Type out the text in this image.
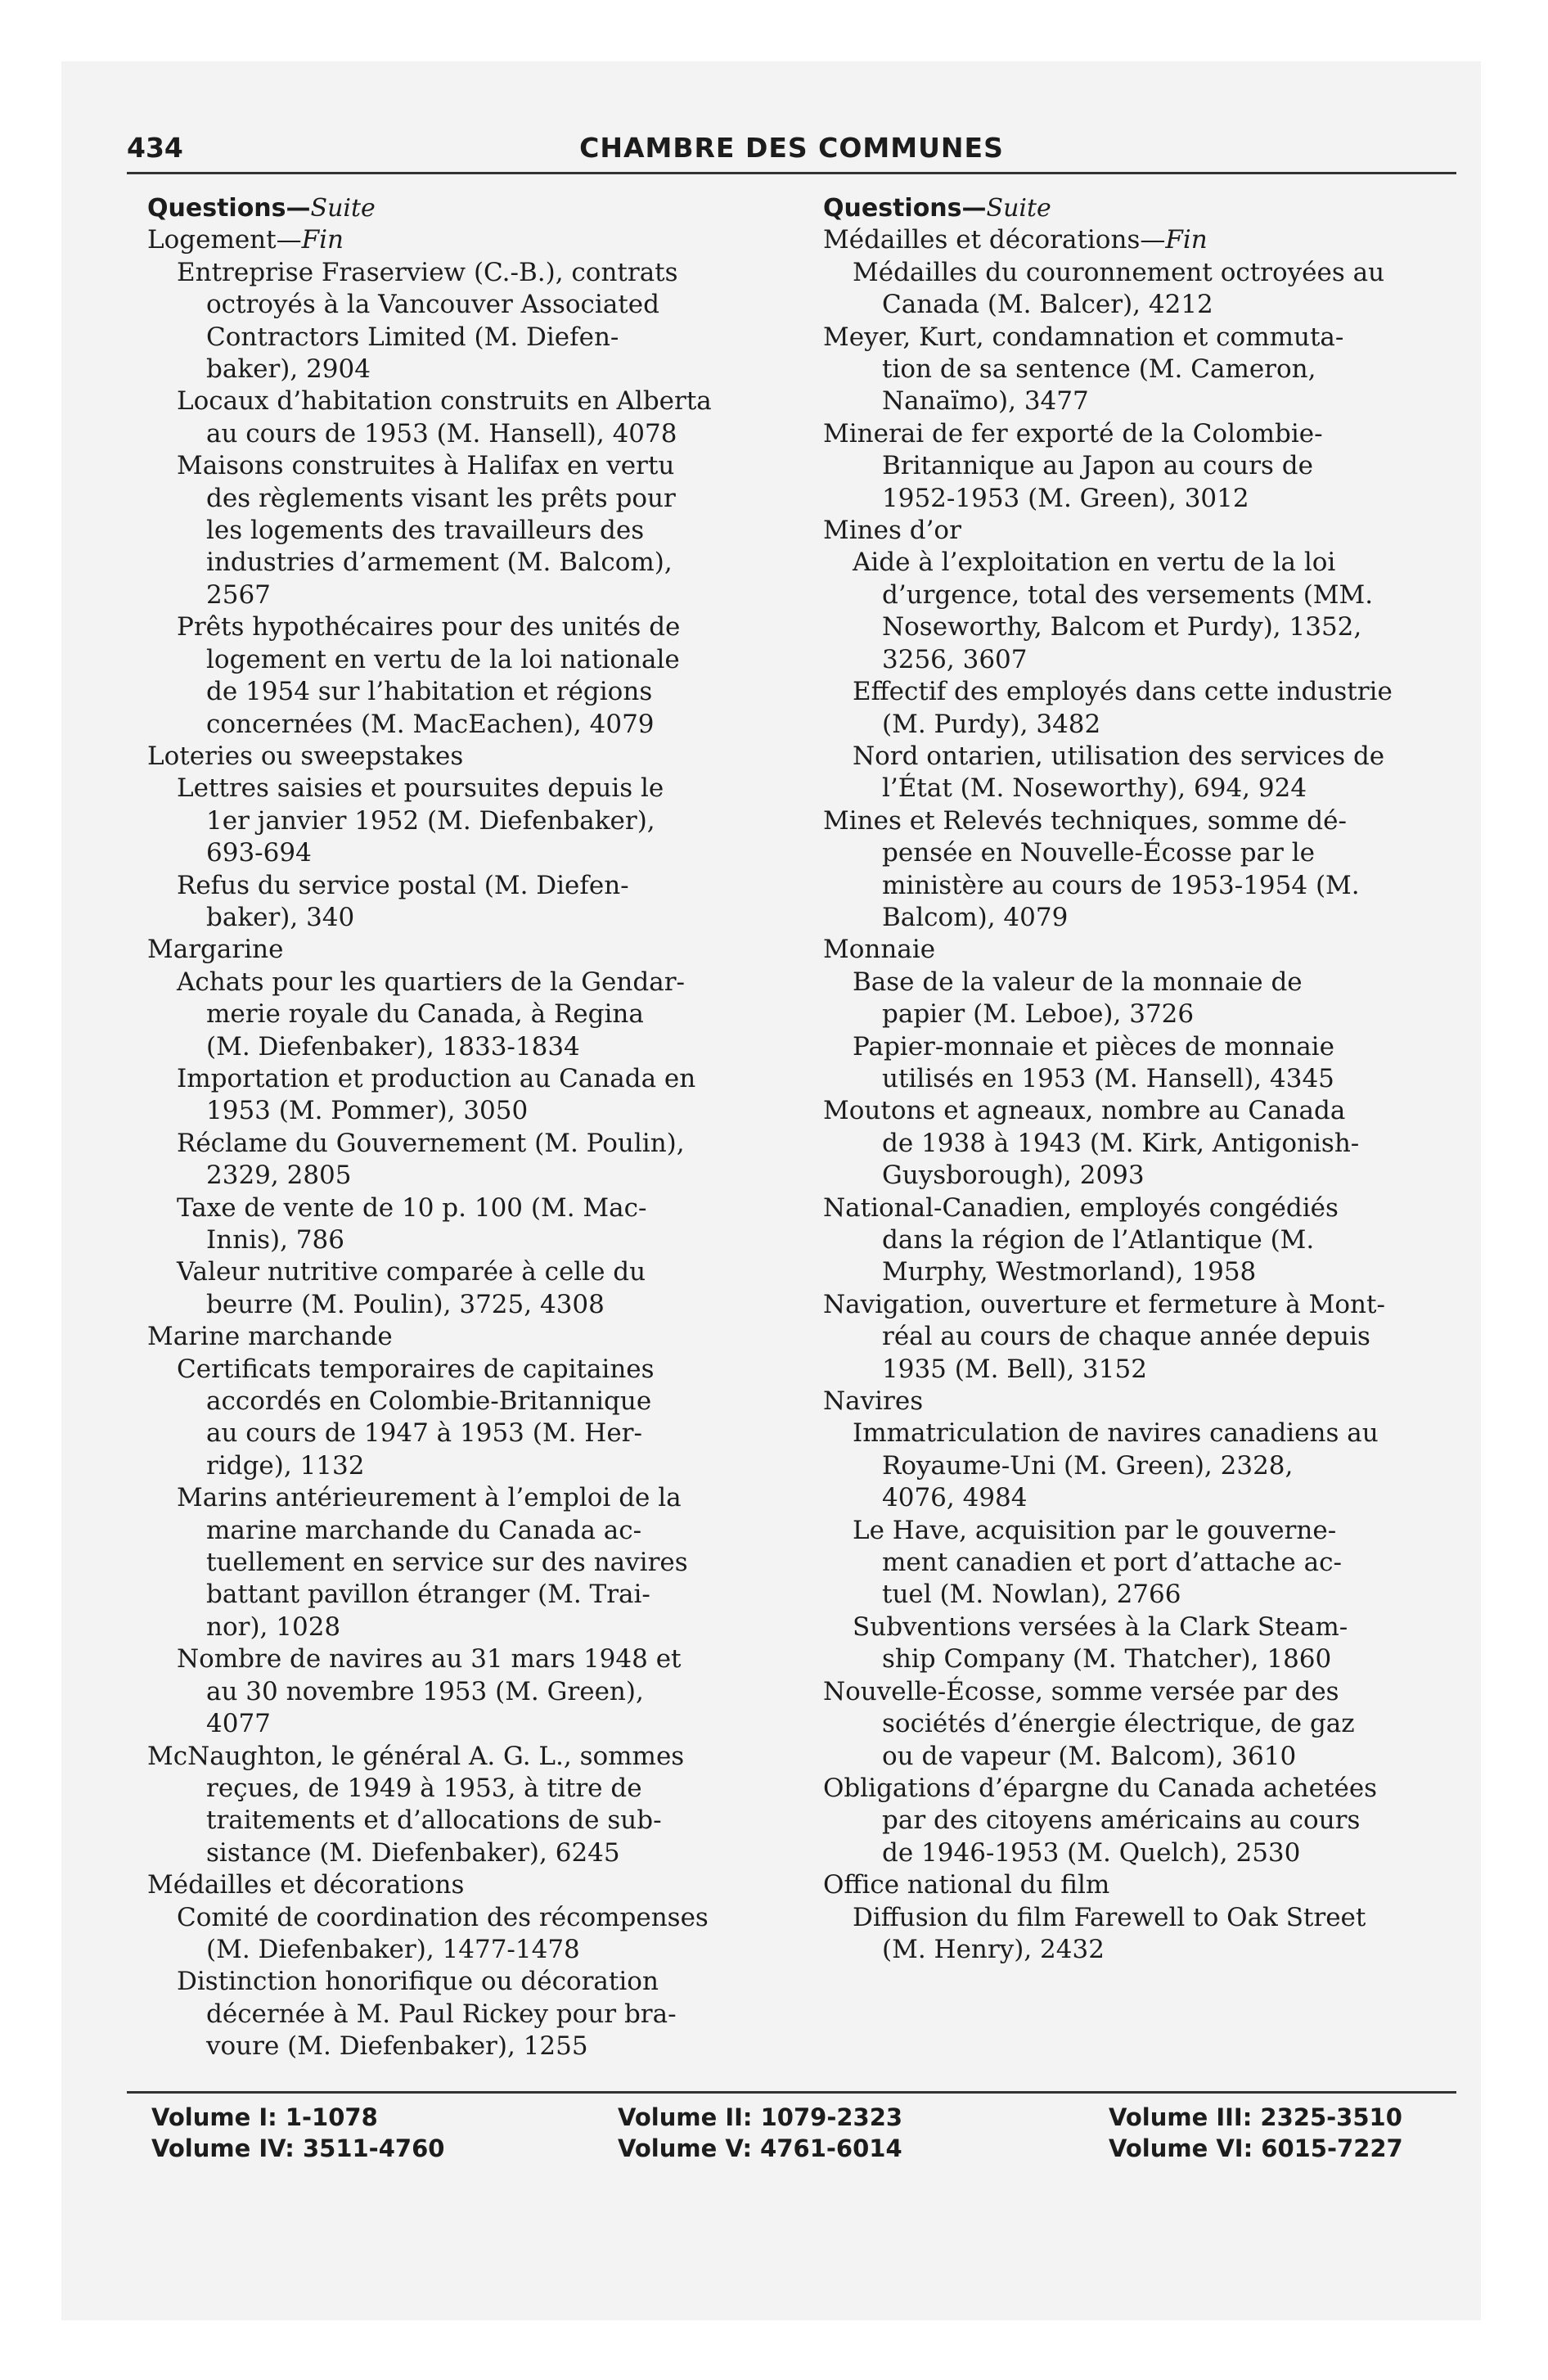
434	CHAMBRE DES COMMUNES
Questions—Suite
Logement—Fin
Entreprise Fraserview (C.-B.), contrats
octroyés à la Vancouver Associated
Contractors Limited (M. Diefen-
baker), 2904
Locaux d’habitation construits en Alberta
au cours de 1953 (M. Hansell), 4078
Maisons construites à Halifax en vertu
des règlements visant les prêts pour
les logements des travailleurs des
industries d’armement (M. Balcom),
2567
Prêts hypothécaires pour des unités de
logement en vertu de la loi nationale
de 1954 sur l’habitation et régions
concernées (M. MacEachen), 4079
Loteries ou sweepstakes
Lettres saisies et poursuites depuis le
1er janvier 1952 (M. Diefenbaker),
693-694
Refus du service postal (M. Diefen-
baker), 340
Margarine
Achats pour les quartiers de la Gendar-
merie royale du Canada, à Regina
(M. Diefenbaker), 1833-1834
Importation et production au Canada en
1953 (M. Pommer), 3050
Réclame du Gouvernement (M. Poulin),
2329, 2805
Taxe de vente de 10 p. 100 (M. Mac-
Innis), 786
Valeur nutritive comparée à celle du
beurre (M. Poulin), 3725, 4308
Marine marchande
Certificats temporaires de capitaines
accordés en Colombie-Britannique
au cours de 1947 à 1953 (M. Her-
ridge), 1132
Marins antérieurement à l’emploi de la
marine marchande du Canada ac-
tuellement en service sur des navires
battant pavillon étranger (M. Trai-
nor), 1028
Nombre de navires au 31 mars 1948 et
au 30 novembre 1953 (M. Green),
4077
McNaughton, le général A. G. L., sommes
reçues, de 1949 à 1953, à titre de
traitements et d’allocations de sub-
sistance (M. Diefenbaker), 6245
Médailles et décorations
Comité de coordination des récompenses
(M. Diefenbaker), 1477-1478
Distinction honorifique ou décoration
décernée à M. Paul Rickey pour bra-
voure (M. Diefenbaker), 1255
Questions—Suite
Médailles et décorations—Fin
Médailles du couronnement octroyées au
Canada (M. Balcer), 4212
Meyer, Kurt, condamnation et commuta-
tion de sa sentence (M. Cameron,
Nanaïmo), 3477
Minerai de fer exporté de la Colombie-
Britannique au Japon au cours de
1952-1953 (M. Green), 3012
Mines d’or
Aide à l’exploitation en vertu de la loi
d’urgence, total des versements (MM.
Noseworthy, Balcom et Purdy), 1352,
3256, 3607
Effectif des employés dans cette industrie
(M. Purdy), 3482
Nord ontarien, utilisation des services de
l’État (M. Noseworthy), 694, 924
Mines et Relevés techniques, somme dé-
pensée en Nouvelle-Écosse par le
ministère au cours de 1953-1954 (M.
Balcom), 4079
Monnaie
Base de la valeur de la monnaie de
papier (M. Leboe), 3726
Papier-monnaie et pièces de monnaie
utilisés en 1953 (M. Hansell), 4345
Moutons et agneaux, nombre au Canada
de 1938 à 1943 (M. Kirk, Antigonish-
Guysborough), 2093
National-Canadien, employés congédiés
dans la région de l’Atlantique (M.
Murphy, Westmorland), 1958
Navigation, ouverture et fermeture à Mont-
réal au cours de chaque année depuis
1935 (M. Bell), 3152
Navires
Immatriculation de navires canadiens au
Royaume-Uni (M. Green), 2328,
4076, 4984
Le Have, acquisition par le gouverne-
ment canadien et port d’attache ac-
tuel (M. Nowlan), 2766
Subventions versées à la Clark Steam-
ship Company (M. Thatcher), 1860
Nouvelle-Écosse, somme versée par des
sociétés d’énergie électrique, de gaz
ou de vapeur (M. Balcom), 3610
Obligations d’épargne du Canada achetées
par des citoyens américains au cours
de 1946-1953 (M. Quelch), 2530
Office national du film
Diffusion du film Farewell to Oak Street
(M. Henry), 2432
Volume I: 1-1078	Volume II: 1079-2323	Volume III: 2325-3510
Volume IV: 3511-4760	Volume V: 4761-6014	Volume VI: 6015-7227
